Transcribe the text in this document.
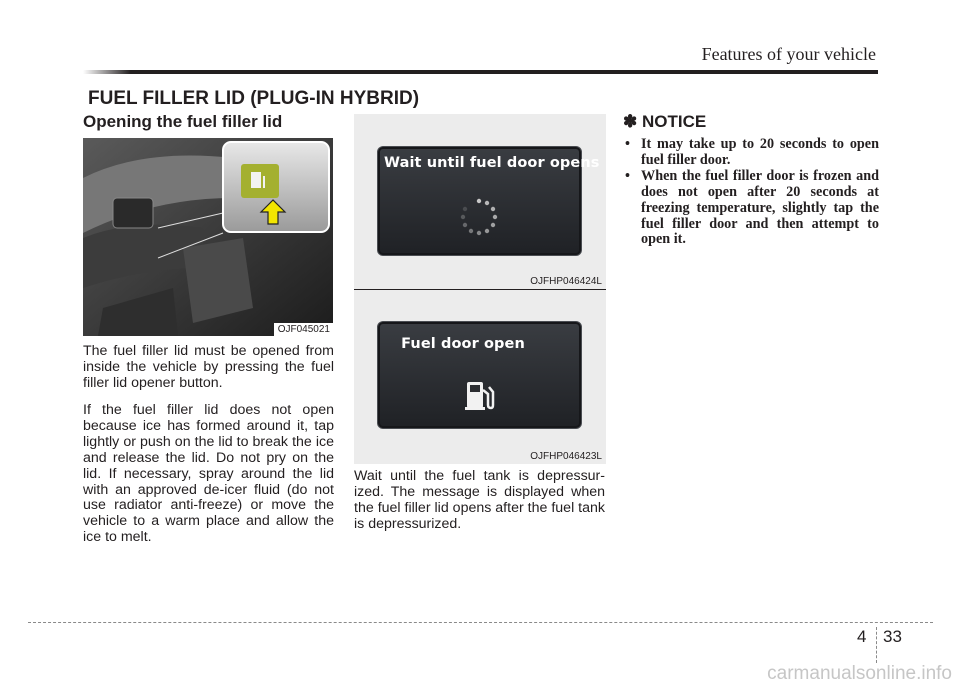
Features of your vehicle
FUEL FILLER LID (PLUG-IN HYBRID)
Opening the fuel filler lid
OJF045021

The fuel filler lid must be opened from inside the vehicle by pressing the fuel filler lid opener button.

If the fuel filler lid does not open because ice has formed around it, tap lightly or push on the lid to break the ice and release the lid. Do not pry on the lid. If necessary, spray around the lid with an approved de-icer fluid (do not use radiator anti-freeze) or move the vehicle to a warm place and allow the ice to melt.

Wait until fuel door opens
OJFHP046424L
Fuel door open
OJFHP046423L

Wait until the fuel tank is depressur-ized. The message is displayed when the fuel filler lid opens after the fuel tank is depressurized.

✽ NOTICE
• It may take up to 20 seconds to open fuel filler door.
• When the fuel filler door is frozen and does not open after 20 seconds at freezing temperature, slightly tap the fuel filler door and then attempt to open it.
4 33
carmanualsonline.info
